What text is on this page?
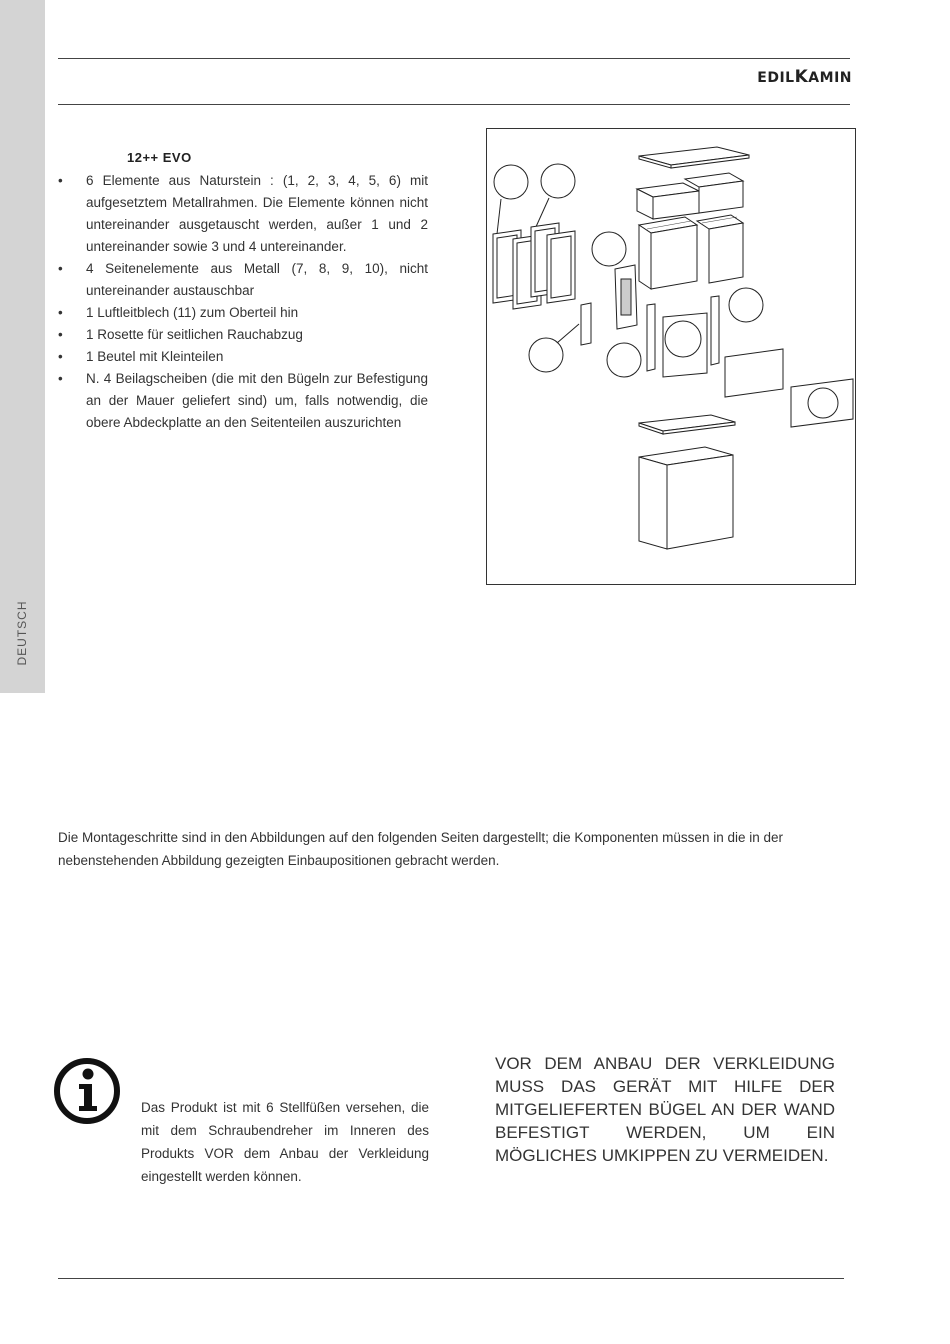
DEUTSCH
EDILKAMIN
12++ EVO
• 6 Elemente aus Naturstein : (1, 2, 3, 4, 5, 6) mit aufgesetztem Metallrahmen. Die Elemente können nicht untereinander ausgetauscht werden, außer 1 und 2 untereinander sowie 3 und 4 untereinander.
• 4 Seitenelemente aus Metall (7, 8, 9, 10), nicht untereinander austauschbar
• 1 Luftleitblech (11) zum Oberteil hin
• 1 Rosette für seitlichen Rauchabzug
• 1 Beutel mit Kleinteilen
• N. 4 Beilagscheiben (die mit den Bügeln zur Befestigung an der Mauer geliefert sind) um, falls notwendig, die obere Abdeckplatte an den Seitenteilen auszurichten
Die Montageschritte sind in den Abbildungen auf den folgenden Seiten dargestellt; die Komponenten müssen in die in der nebenstehenden Abbildung gezeigten Einbaupositionen gebracht werden.
Das Produkt ist mit 6 Stellfüßen versehen, die mit dem Schraubendreher im Inneren des Produkts VOR dem Anbau der Verkleidung eingestellt werden können.
VOR DEM ANBAU DER VERKLEIDUNG MUSS DAS GERÄT MIT HILFE DER MITGELIEFERTEN BÜGEL AN DER WAND BEFESTIGT WERDEN, UM EIN MÖGLICHES UMKIPPEN ZU VERMEIDEN.
